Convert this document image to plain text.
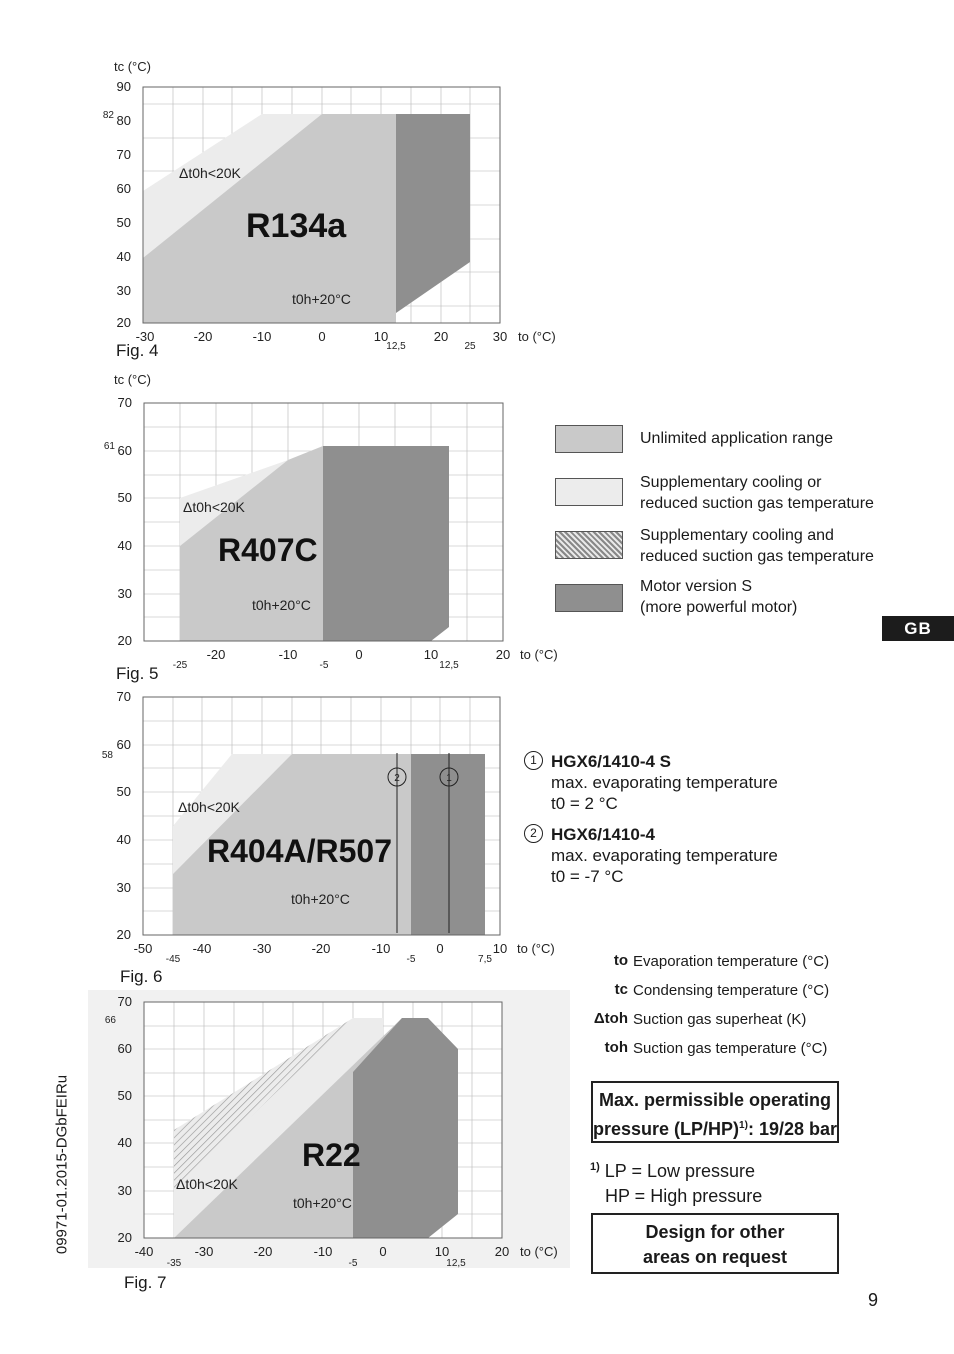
R134a
Δt0h<20K
t0h+20°C
tc (°C)
to (°C)
20
30
40
50
60
70
80
90
82
-30	-20	-10	0	10	20	30
12,5	25
Fig. 4
R407C
Δt0h<20K
t0h+20°C
tc (°C)
to (°C)
20
30
40
50
60
70
61
-20	-10	0	10	20
-25	-5	12,5
Fig. 5
2	1
R404A/R507
Δt0h<20K
t0h+20°C
to (°C)
20
30
40
50
60
70
58
-50	-40	-30	-20	-10	0	10
-45	-5	7,5
Fig. 6
R22
Δt0h<20K
t0h+20°C
to (°C)
20
30
40
50
60
70
66
-40	-30	-20	-10	0	10	20
-35	-5	12,5
Fig. 7
Unlimited application range
Supplementary cooling or
reduced suction gas temperature
Supplementary cooling and
reduced suction gas temperature
Motor version S
(more powerful motor)
GB
1 HGX6/1410-4 S
max. evaporating temperature
t0 = 2 °C
2 HGX6/1410-4
max. evaporating temperature
t0 = -7 °C
to Evaporation temperature (°C)
tc Condensing temperature (°C)
Δtoh Suction gas superheat (K)
toh Suction gas temperature (°C)
Max. permissible operating
pressure $(LP/HP)^{1)}$: 19/28 bar
$^{1)}$ LP = Low pressure
HP = High pressure
Design for other
areas on request
09971-01.2015-DGbFEIRu
9
